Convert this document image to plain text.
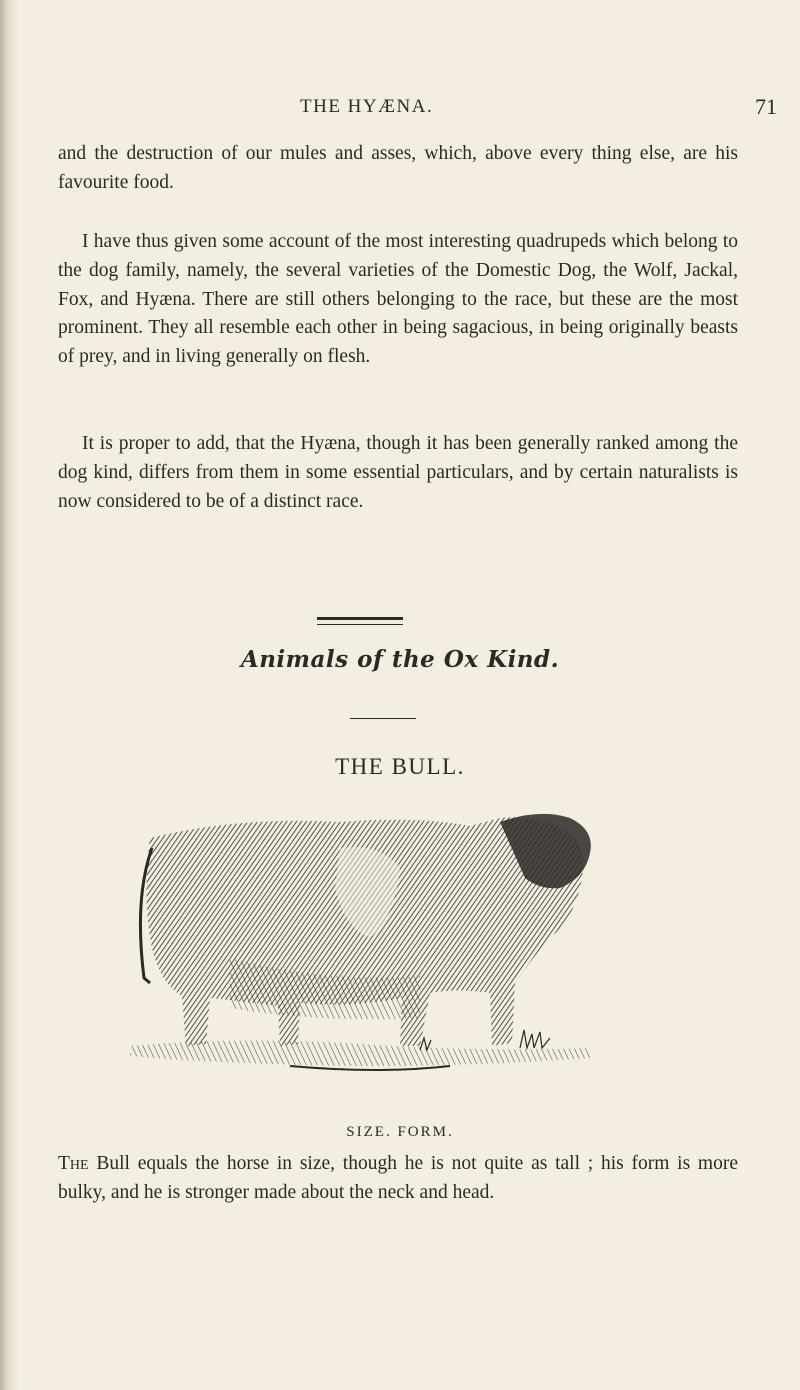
THE HYÆNA.	71

and the destruction of our mules and asses, which, above every thing else, are his favourite food.

I have thus given some account of the most interesting quadrupeds which belong to the dog family, namely, the several varieties of the Domestic Dog, the Wolf, Jackal, Fox, and Hyæna. There are still others belonging to the race, but these are the most prominent. They all resemble each other in being sagacious, in being originally beasts of prey, and in living generally on flesh.

It is proper to add, that the Hyæna, though it has been generally ranked among the dog kind, differs from them in some essential particulars, and by certain naturalists is now considered to be of a distinct race.

Animals of the Ox Kind.
THE BULL.
SIZE. FORM.

The Bull equals the horse in size, though he is not quite as tall ; his form is more bulky, and he is stronger made about the neck and head.
